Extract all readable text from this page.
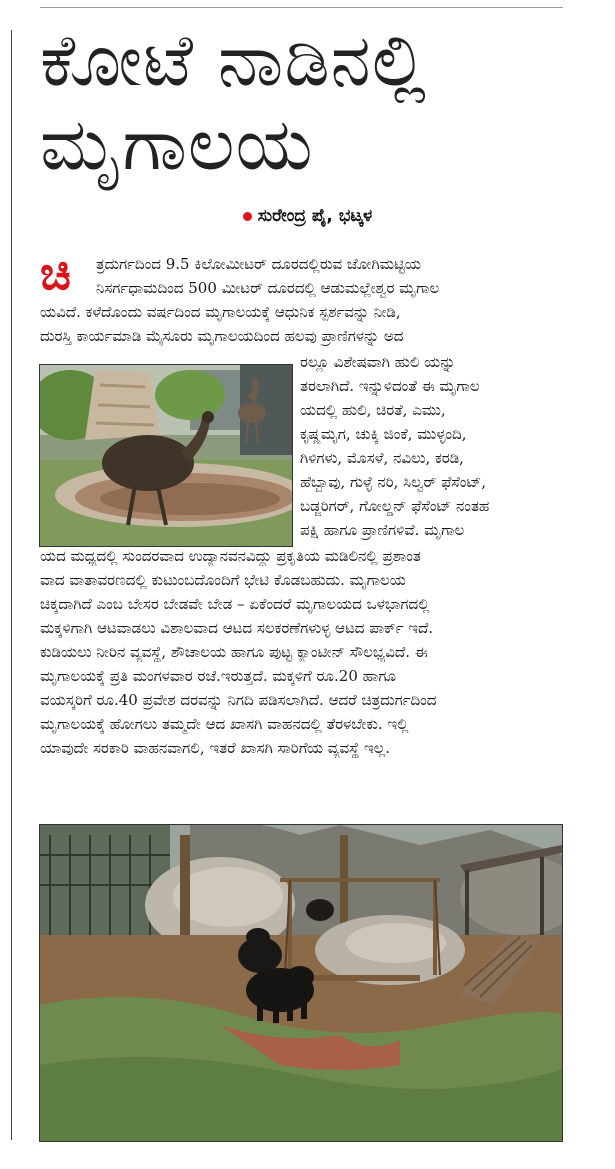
ಕೋಟೆ ನಾಡಿನಲ್ಲಿ
ಮೃಗಾಲಯ
ಸುರೇಂದ್ರ ಪೈ, ಭಟ್ಕಳ
ಚಿ	ತ್ರದುರ್ಗದಿಂದ 9.5 ಕಿಲೋಮೀಟರ್ ದೂರದಲ್ಲಿರುವ ಜೋಗಿಮಟ್ಟಿಯ
ನಿಸರ್ಗಧಾಮದಿಂದ 500 ಮೀಟರ್ ದೂರದಲ್ಲಿ ಆಡುಮಲ್ಲೇಶ್ವರ ಮೃಗಾಲ
ಯವಿದೆ. ಕಳೆದೊಂದು ವರ್ಷದಿಂದ ಮೃಗಾಲಯಕ್ಕೆ ಆಧುನಿಕ ಸ್ಪರ್ಶವನ್ನು ನೀಡಿ,
ದುರಸ್ತಿ ಕಾರ್ಯಮಾಡಿ ಮೈಸೂರು ಮೃಗಾಲಯದಿಂದ ಹಲವು ಪ್ರಾಣಿಗಳನ್ನು ಅದ
ರಲ್ಲೂ ವಿಶೇಷವಾಗಿ ಹುಲಿ ಯನ್ನು
ತರಲಾಗಿದೆ. ಇನ್ನುಳಿದಂತೆ ಈ ಮೃಗಾಲ
ಯದಲ್ಲಿ ಹುಲಿ, ಚಿರತೆ, ಎಮು,
ಕೃಷ್ಣಮೃಗ, ಚುಕ್ಕಿ ಜಿಂಕೆ, ಮುಳ್ಳಂದಿ,
ಗಿಳಿಗಳು, ಮೊಸಳೆ, ನವಿಲು, ಕರಡಿ,
ಹೆಬ್ಬಾವು, ಗುಳ್ಳೆ ನರಿ, ಸಿಲ್ವರ್ ಫೆಸೆಂಟ್,
ಬಡ್ಜರಿಗರ್, ಗೋಲ್ಡನ್ ಫೆಸೆಂಟ್ ನಂತಹ
ಪಕ್ಷಿ ಹಾಗೂ ಪ್ರಾಣಿಗಳಿವೆ. ಮೃಗಾಲ
ಯದ ಮಧ್ಯದಲ್ಲಿ ಸುಂದರವಾದ ಉದ್ಯಾನವನವಿದ್ದು ಪ್ರಕೃತಿಯ ಮಡಿಲಿನಲ್ಲಿ ಪ್ರಶಾಂತ
ವಾದ ವಾತಾವರಣದಲ್ಲಿ ಕುಟುಂಬದೊಂದಿಗೆ ಭೇಟಿ ಕೊಡಬಹುದು. ಮೃಗಾಲಯ
ಚಿಕ್ಕದಾಗಿದೆ ಎಂಬ ಬೇಸರ ಬೇಡವೇ ಬೇಡ – ಏಕೆಂದರೆ ಮೃಗಾಲಯದ ಒಳಭಾಗದಲ್ಲಿ
ಮಕ್ಕಳಿಗಾಗಿ ಆಟವಾಡಲು ವಿಶಾಲವಾದ ಆಟದ ಸಲಕರಣೆಗಳುಳ್ಳ ಆಟದ ಪಾರ್ಕ್ ಇದೆ.
ಕುಡಿಯಲು ನೀರಿನ ವ್ಯವಸ್ಥೆ, ಶೌಚಾಲಯ ಹಾಗೂ ಪುಟ್ಟ ಕ್ಯಾಂಟೀನ್ ಸೌಲಭ್ಯವಿದೆ. ಈ
ಮೃಗಾಲಯಕ್ಕೆ ಪ್ರತಿ ಮಂಗಳವಾರ ರಜೆ.ಇರುತ್ತದೆ. ಮಕ್ಕಳಿಗೆ ರೂ.20 ಹಾಗೂ
ವಯಸ್ಕರಿಗೆ ರೂ.40 ಪ್ರವೇಶ ದರವನ್ನು ನಿಗದಿ ಪಡಿಸಲಾಗಿದೆ. ಆದರೆ ಚಿತ್ರದುರ್ಗದಿಂದ
ಮೃಗಾಲಯಕ್ಕೆ ಹೋಗಲು ತಮ್ಮದೇ ಆದ ಖಾಸಗಿ ವಾಹನದಲ್ಲಿ ತೆರಳಬೇಕು. ಇಲ್ಲಿ
ಯಾವುದೇ ಸರಕಾರಿ ವಾಹನವಾಗಲಿ, ಇತರೆ ಖಾಸಗಿ ಸಾರಿಗೆಯ ವ್ಯವಸ್ಥೆ ಇಲ್ಲ.
